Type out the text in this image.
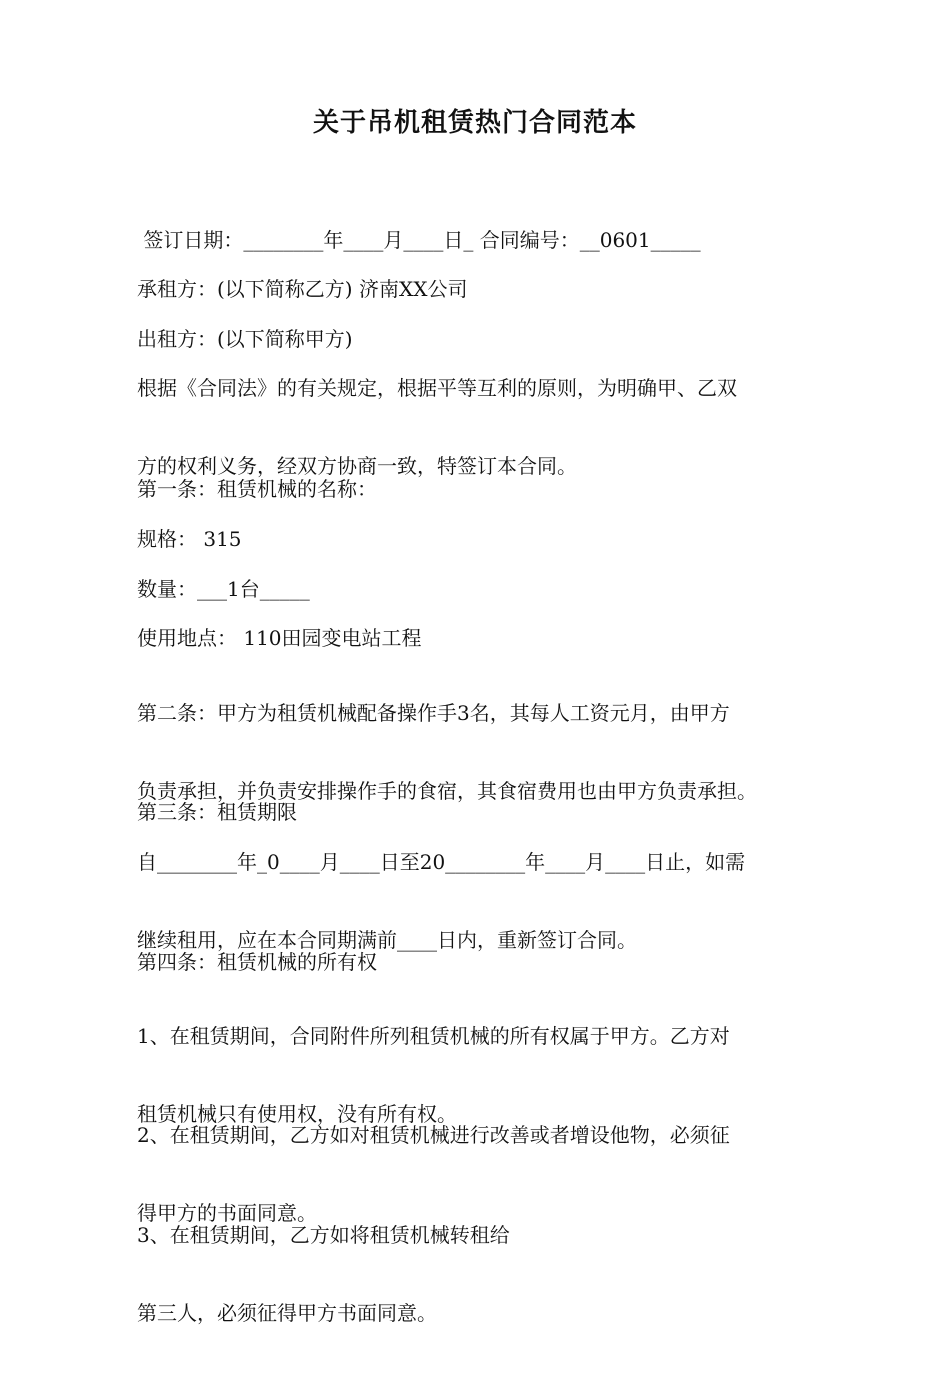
关于吊机租赁热门合同范本

签订日期：________年____月____日_ 合同编号：__0601_____

承租方：(以下简称乙方) 济南XX公司

出租方：(以下简称甲方)

根据《合同法》的有关规定，根据平等互利的原则，为明确甲、乙双

方的权利义务，经双方协商一致，特签订本合同。

第一条：租赁机械的名称：

规格： 315

数量：___1台_____

使用地点： 110田园变电站工程

第二条：甲方为租赁机械配备操作手3名，其每人工资元月，由甲方

负责承担，并负责安排操作手的食宿，其食宿费用也由甲方负责承担。

第三条：租赁期限

自________年_0____月____日至20________年____月____日止，如需

继续租用，应在本合同期满前____日内，重新签订合同。

第四条：租赁机械的所有权

1、在租赁期间，合同附件所列租赁机械的所有权属于甲方。乙方对

租赁机械只有使用权，没有所有权。

2、在租赁期间，乙方如对租赁机械进行改善或者增设他物，必须征

得甲方的书面同意。

3、在租赁期间，乙方如将租赁机械转租给

第三人，必须征得甲方书面同意。
